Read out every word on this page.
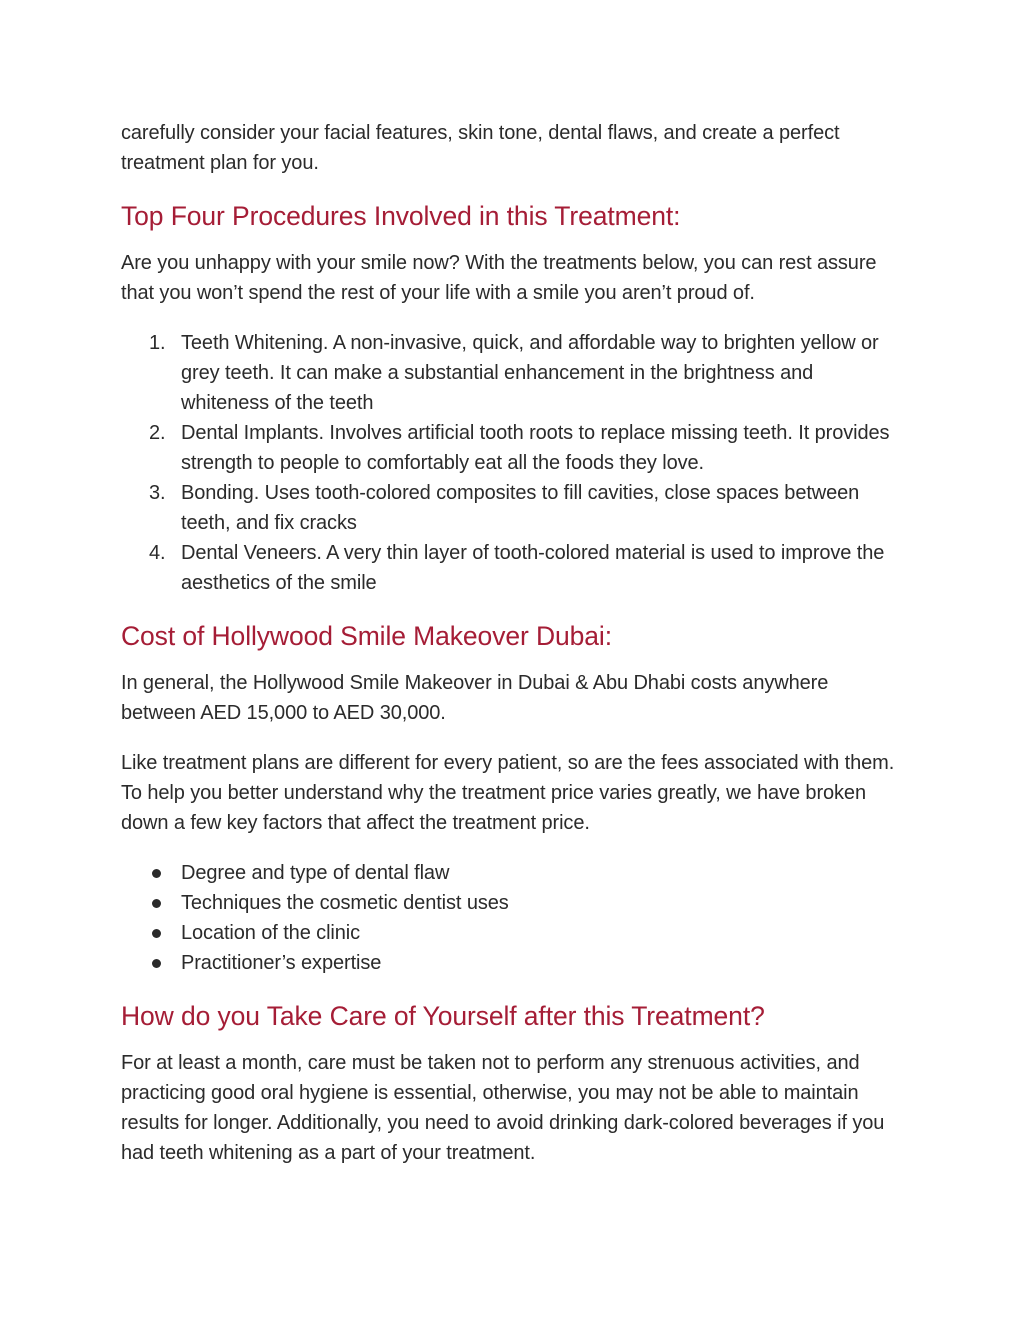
carefully consider your facial features, skin tone, dental flaws, and create a perfect treatment plan for you.

Top Four Procedures Involved in this Treatment:

Are you unhappy with your smile now? With the treatments below, you can rest assure that you won’t spend the rest of your life with a smile you aren’t proud of.

1. Teeth Whitening. A non-invasive, quick, and affordable way to brighten yellow or grey teeth. It can make a substantial enhancement in the brightness and whiteness of the teeth
2. Dental Implants. Involves artificial tooth roots to replace missing teeth. It provides strength to people to comfortably eat all the foods they love.
3. Bonding. Uses tooth-colored composites to fill cavities, close spaces between teeth, and fix cracks
4. Dental Veneers. A very thin layer of tooth-colored material is used to improve the aesthetics of the smile
Cost of Hollywood Smile Makeover Dubai:

In general, the Hollywood Smile Makeover in Dubai & Abu Dhabi costs anywhere between AED 15,000 to AED 30,000.

Like treatment plans are different for every patient, so are the fees associated with them. To help you better understand why the treatment price varies greatly, we have broken down a few key factors that affect the treatment price.

Degree and type of dental flaw
Techniques the cosmetic dentist uses
Location of the clinic
Practitioner’s expertise
How do you Take Care of Yourself after this Treatment?

For at least a month, care must be taken not to perform any strenuous activities, and practicing good oral hygiene is essential, otherwise, you may not be able to maintain results for longer. Additionally, you need to avoid drinking dark-colored beverages if you had teeth whitening as a part of your treatment.
